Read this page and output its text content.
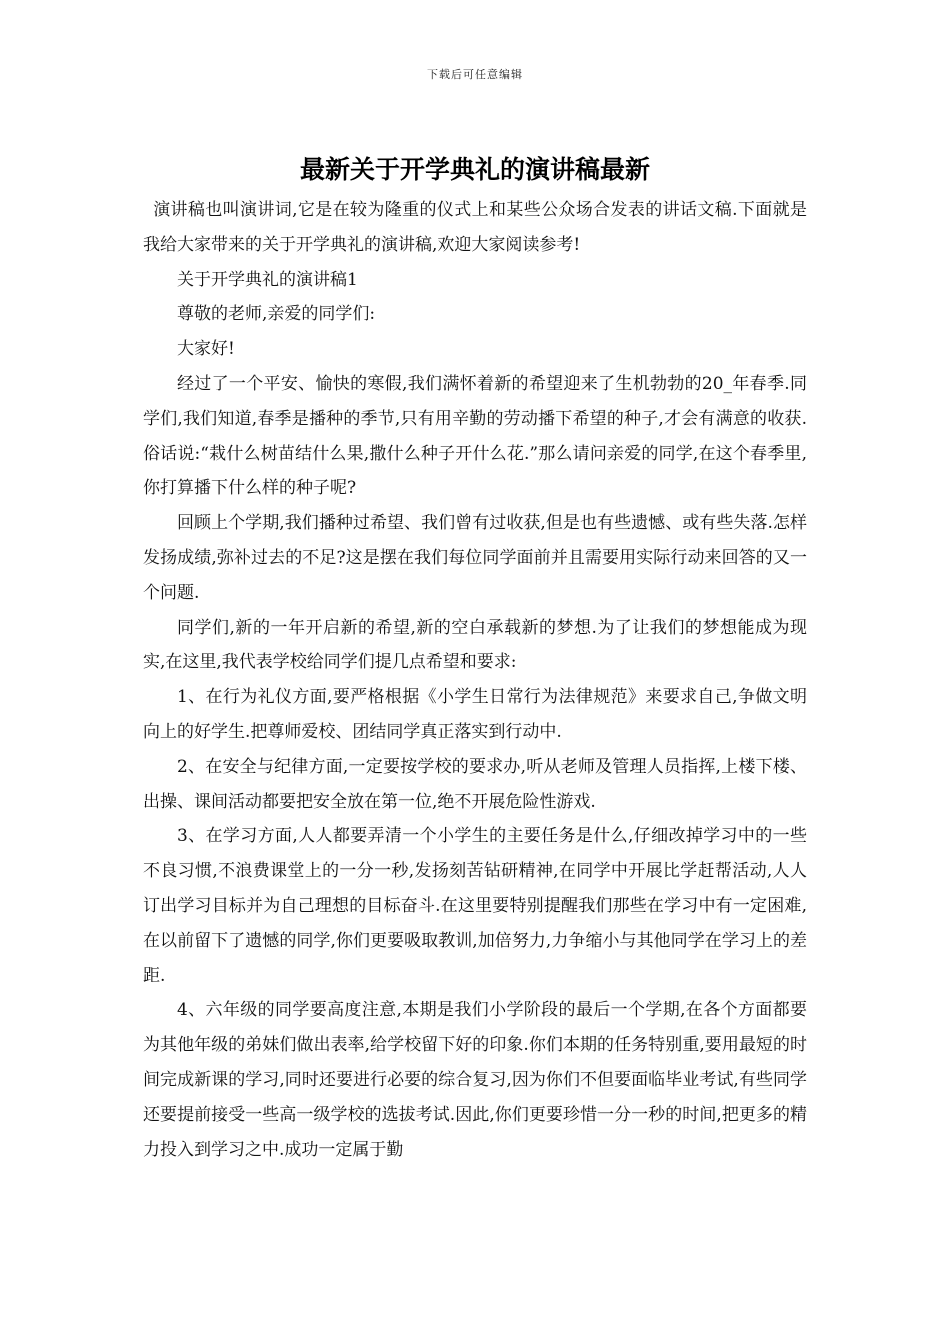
下载后可任意编辑
最新关于开学典礼的演讲稿最新

演讲稿也叫演讲词,它是在较为隆重的仪式上和某些公众场合发表的讲话文稿.下面就是我给大家带来的关于开学典礼的演讲稿,欢迎大家阅读参考!

关于开学典礼的演讲稿1

尊敬的老师,亲爱的同学们:

大家好!

经过了一个平安、愉快的寒假,我们满怀着新的希望迎来了生机勃勃的20_年春季.同学们,我们知道,春季是播种的季节,只有用辛勤的劳动播下希望的种子,才会有满意的收获.俗话说:“栽什么树苗结什么果,撒什么种子开什么花.”那么请问亲爱的同学,在这个春季里,你打算播下什么样的种子呢?

回顾上个学期,我们播种过希望、我们曾有过收获,但是也有些遗憾、或有些失落.怎样发扬成绩,弥补过去的不足?这是摆在我们每位同学面前并且需要用实际行动来回答的又一个问题.

同学们,新的一年开启新的希望,新的空白承载新的梦想.为了让我们的梦想能成为现实,在这里,我代表学校给同学们提几点希望和要求:

1、在行为礼仪方面,要严格根据《小学生日常行为法律规范》来要求自己,争做文明向上的好学生.把尊师爱校、团结同学真正落实到行动中.

2、在安全与纪律方面,一定要按学校的要求办,听从老师及管理人员指挥,上楼下楼、出操、课间活动都要把安全放在第一位,绝不开展危险性游戏.

3、在学习方面,人人都要弄清一个小学生的主要任务是什么,仔细改掉学习中的一些不良习惯,不浪费课堂上的一分一秒,发扬刻苦钻研精神,在同学中开展比学赶帮活动,人人订出学习目标并为自己理想的目标奋斗.在这里要特别提醒我们那些在学习中有一定困难,在以前留下了遗憾的同学,你们更要吸取教训,加倍努力,力争缩小与其他同学在学习上的差距.

4、六年级的同学要高度注意,本期是我们小学阶段的最后一个学期,在各个方面都要为其他年级的弟妹们做出表率,给学校留下好的印象.你们本期的任务特别重,要用最短的时间完成新课的学习,同时还要进行必要的综合复习,因为你们不但要面临毕业考试,有些同学还要提前接受一些高一级学校的选拔考试.因此,你们更要珍惜一分一秒的时间,把更多的精力投入到学习之中.成功一定属于勤
